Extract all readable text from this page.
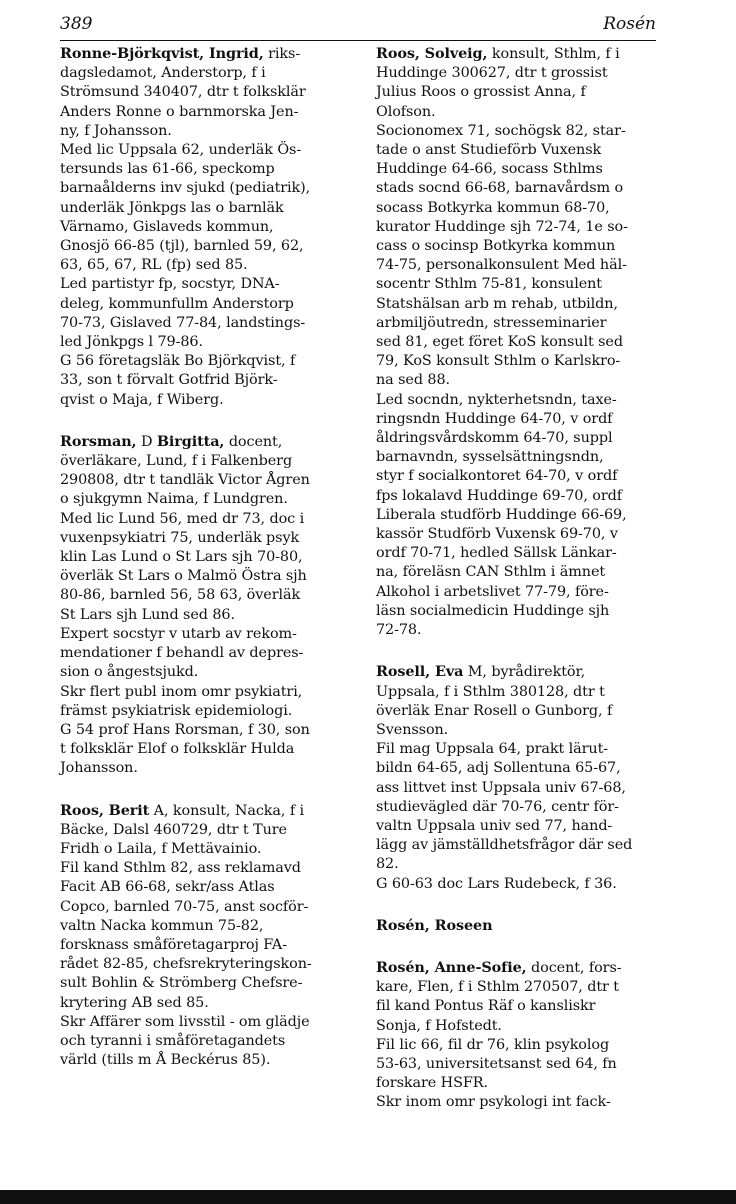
389	Rosén
Ronne-Björkqvist, Ingrid, riks-
dagsledamot, Anderstorp, f i
Strömsund 340407, dtr t folksklär
Anders Ronne o barnmorska Jen-
ny, f Johansson.
Med lic Uppsala 62, underläk Ös-
tersunds las 61-66, speckomp
barnaålderns inv sjukd (pediatrik),
underläk Jönkpgs las o barnläk
Värnamo, Gislaveds kommun,
Gnosjö 66-85 (tjl), barnled 59, 62,
63, 65, 67, RL (fp) sed 85.
Led partistyr fp, socstyr, DNA-
deleg, kommunfullm Anderstorp
70-73, Gislaved 77-84, landstings-
led Jönkpgs l 79-86.
G 56 företagsläk Bo Björkqvist, f
33, son t förvalt Gotfrid Björk-
qvist o Maja, f Wiberg.
Rorsman, D Birgitta, docent,
överläkare, Lund, f i Falkenberg
290808, dtr t tandläk Victor Ågren
o sjukgymn Naima, f Lundgren.
Med lic Lund 56, med dr 73, doc i
vuxenpsykiatri 75, underläk psyk
klin Las Lund o St Lars sjh 70-80,
överläk St Lars o Malmö Östra sjh
80-86, barnled 56, 58 63, överläk
St Lars sjh Lund sed 86.
Expert socstyr v utarb av rekom-
mendationer f behandl av depres-
sion o ångestsjukd.
Skr flert publ inom omr psykiatri,
främst psykiatrisk epidemiologi.
G 54 prof Hans Rorsman, f 30, son
t folksklär Elof o folksklär Hulda
Johansson.
Roos, Berit A, konsult, Nacka, f i
Bäcke, Dalsl 460729, dtr t Ture
Fridh o Laila, f Mettävainio.
Fil kand Sthlm 82, ass reklamavd
Facit AB 66-68, sekr/ass Atlas
Copco, barnled 70-75, anst socför-
valtn Nacka kommun 75-82,
forsknass småföretagarproj FA-
rådet 82-85, chefsrekryteringskon-
sult Bohlin & Strömberg Chefsre-
krytering AB sed 85.
Skr Affärer som livsstil - om glädje
och tyranni i småföretagandets
värld (tills m Å Beckérus 85).
Roos, Solveig, konsult, Sthlm, f i
Huddinge 300627, dtr t grossist
Julius Roos o grossist Anna, f
Olofson.
Socionomex 71, sochögsk 82, star-
tade o anst Studieförb Vuxensk
Huddinge 64-66, socass Sthlms
stads socnd 66-68, barnavårdsm o
socass Botkyrka kommun 68-70,
kurator Huddinge sjh 72-74, 1e so-
cass o socinsp Botkyrka kommun
74-75, personalkonsulent Med häl-
socentr Sthlm 75-81, konsulent
Statshälsan arb m rehab, utbildn,
arbmiljöutredn, stresseminarier
sed 81, eget föret KoS konsult sed
79, KoS konsult Sthlm o Karlskro-
na sed 88.
Led socndn, nykterhetsndn, taxe-
ringsndn Huddinge 64-70, v ordf
åldringsvårdskomm 64-70, suppl
barnavndn, sysselsättningsndn,
styr f socialkontoret 64-70, v ordf
fps lokalavd Huddinge 69-70, ordf
Liberala studförb Huddinge 66-69,
kassör Studförb Vuxensk 69-70, v
ordf 70-71, hedled Sällsk Länkar-
na, föreläsn CAN Sthlm i ämnet
Alkohol i arbetslivet 77-79, före-
läsn socialmedicin Huddinge sjh
72-78.
Rosell, Eva M, byrådirektör,
Uppsala, f i Sthlm 380128, dtr t
överläk Enar Rosell o Gunborg, f
Svensson.
Fil mag Uppsala 64, prakt lärut-
bildn 64-65, adj Sollentuna 65-67,
ass littvet inst Uppsala univ 67-68,
studievägled där 70-76, centr för-
valtn Uppsala univ sed 77, hand-
lägg av jämställdhetsfrågor där sed
82.
G 60-63 doc Lars Rudebeck, f 36.
Rosén, Roseen
Rosén, Anne-Sofie, docent, fors-
kare, Flen, f i Sthlm 270507, dtr t
fil kand Pontus Räf o kansliskr
Sonja, f Hofstedt.
Fil lic 66, fil dr 76, klin psykolog
53-63, universitetsanst sed 64, fn
forskare HSFR.
Skr inom omr psykologi int fack-
